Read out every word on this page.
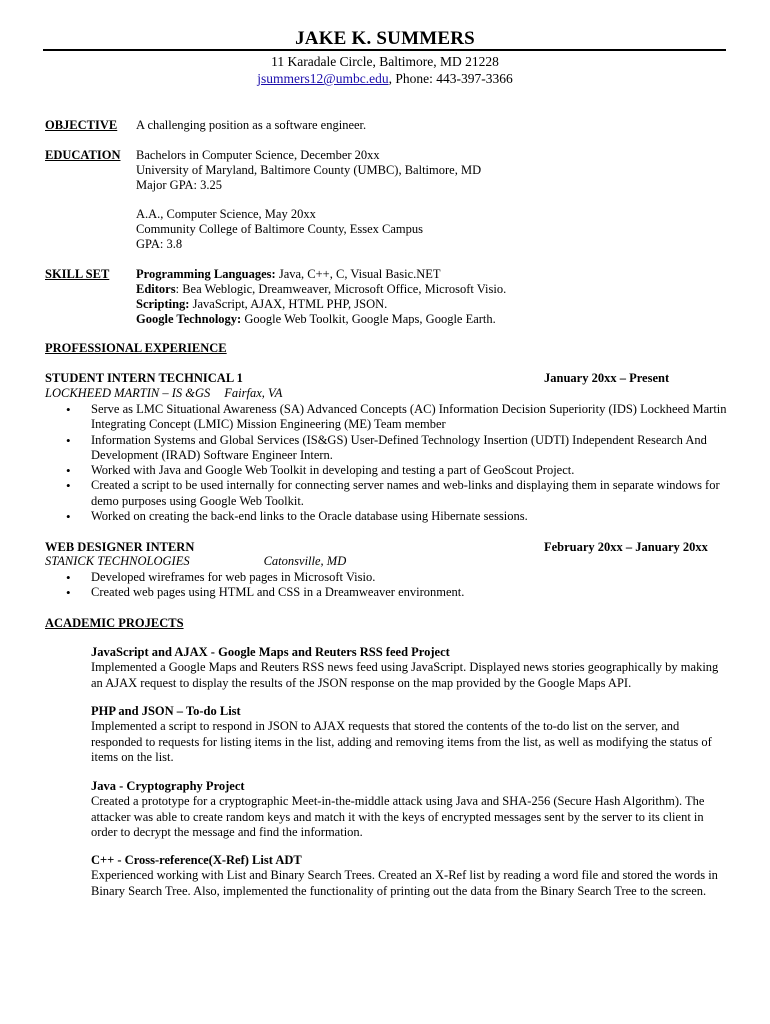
JAKE K. SUMMERS
11 Karadale Circle, Baltimore, MD 21228
jsummers12@umbc.edu, Phone: 443-397-3366
OBJECTIVE A challenging position as a software engineer.
EDUCATION Bachelors in Computer Science, December 20xx
University of Maryland, Baltimore County (UMBC), Baltimore, MD
Major GPA: 3.25
A.A., Computer Science, May 20xx
Community College of Baltimore County, Essex Campus
GPA: 3.8
SKILL SET Programming Languages: Java, C++, C, Visual Basic.NET
Editors: Bea Weblogic, Dreamweaver, Microsoft Office, Microsoft Visio.
Scripting: JavaScript, AJAX, HTML PHP, JSON.
Google Technology: Google Web Toolkit, Google Maps, Google Earth.
PROFESSIONAL EXPERIENCE
STUDENT INTERN TECHNICAL 1	January 20xx – Present
LOCKHEED MARTIN – IS &GS Fairfax, VA
• Serve as LMC Situational Awareness (SA) Advanced Concepts (AC) Information Decision Superiority (IDS) Lockheed Martin Integrating Concept (LMIC) Mission Engineering (ME) Team member
• Information Systems and Global Services (IS&GS) User-Defined Technology Insertion (UDTI) Independent Research And Development (IRAD) Software Engineer Intern.
• Worked with Java and Google Web Toolkit in developing and testing a part of GeoScout Project.
• Created a script to be used internally for connecting server names and web-links and displaying them in separate windows for demo purposes using Google Web Toolkit.
• Worked on creating the back-end links to the Oracle database using Hibernate sessions.
WEB DESIGNER INTERN	February 20xx – January 20xx
STANICK TECHNOLOGIES	Catonsville, MD
• Developed wireframes for web pages in Microsoft Visio.
• Created web pages using HTML and CSS in a Dreamweaver environment.
ACADEMIC PROJECTS
JavaScript and AJAX - Google Maps and Reuters RSS feed Project
Implemented a Google Maps and Reuters RSS news feed using JavaScript. Displayed news stories geographically by making an AJAX request to display the results of the JSON response on the map provided by the Google Maps API.
PHP and JSON – To-do List
Implemented a script to respond in JSON to AJAX requests that stored the contents of the to-do list on the server, and responded to requests for listing items in the list, adding and removing items from the list, as well as modifying the status of items on the list.
Java - Cryptography Project
Created a prototype for a cryptographic Meet-in-the-middle attack using Java and SHA-256 (Secure Hash Algorithm). The attacker was able to create random keys and match it with the keys of encrypted messages sent by the server to its client in order to decrypt the message and find the information.
C++ - Cross-reference(X-Ref) List ADT
Experienced working with List and Binary Search Trees. Created an X-Ref list by reading a word file and stored the words in Binary Search Tree. Also, implemented the functionality of printing out the data from the Binary Search Tree to the screen.
